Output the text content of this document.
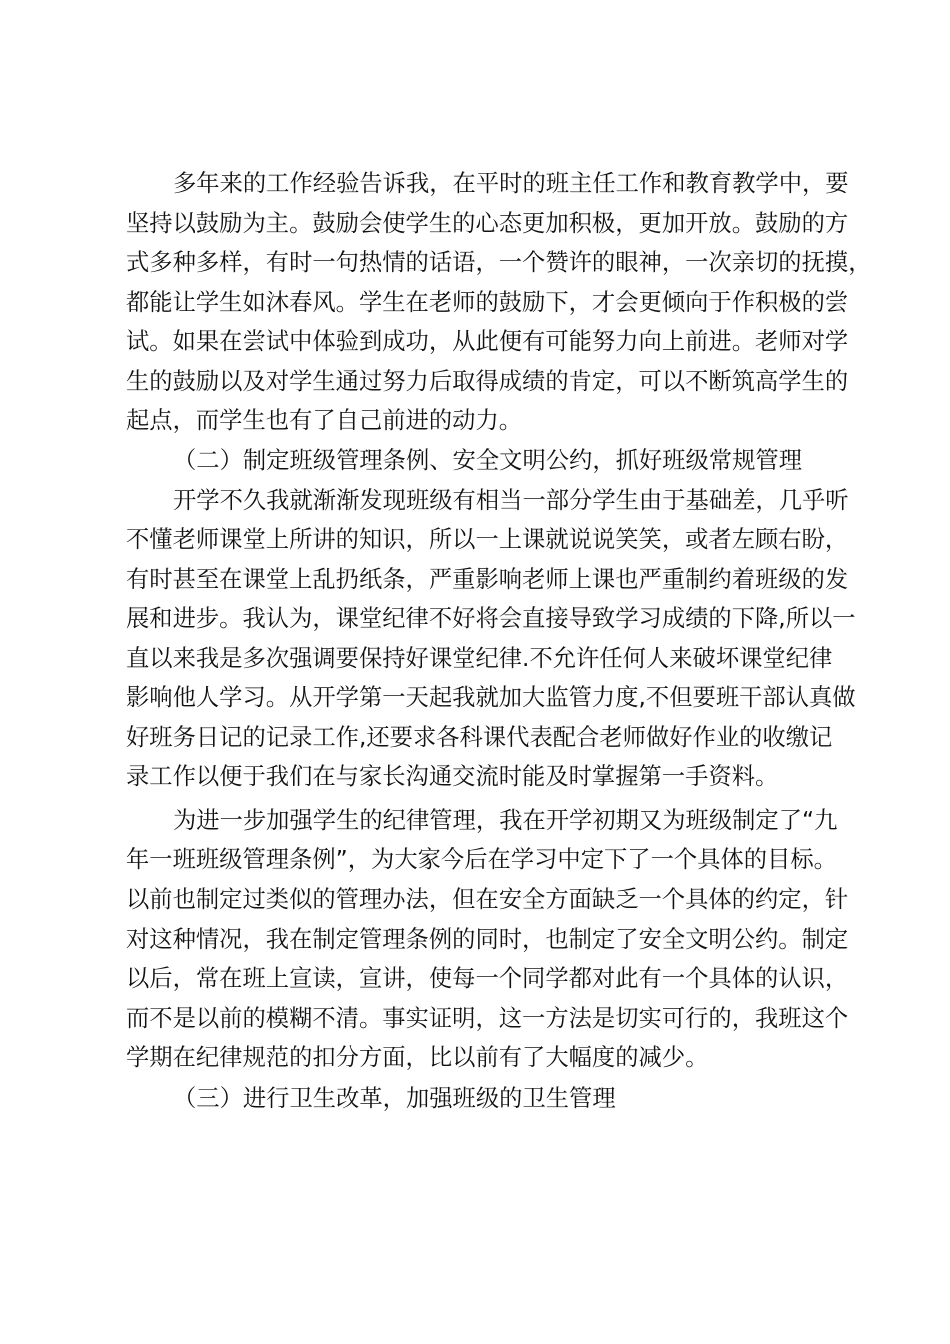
多年来的工作经验告诉我，在平时的班主任工作和教育教学中，要
坚持以鼓励为主。鼓励会使学生的心态更加积极，更加开放。鼓励的方
式多种多样，有时一句热情的话语，一个赞许的眼神，一次亲切的抚摸，
都能让学生如沐春风。学生在老师的鼓励下，才会更倾向于作积极的尝
试。如果在尝试中体验到成功，从此便有可能努力向上前进。老师对学
生的鼓励以及对学生通过努力后取得成绩的肯定，可以不断筑高学生的
起点，而学生也有了自己前进的动力。
（二）制定班级管理条例、安全文明公约，抓好班级常规管理
开学不久我就渐渐发现班级有相当一部分学生由于基础差，几乎听
不懂老师课堂上所讲的知识，所以一上课就说说笑笑，或者左顾右盼，
有时甚至在课堂上乱扔纸条，严重影响老师上课也严重制约着班级的发
展和进步。我认为，课堂纪律不好将会直接导致学习成绩的下降,所以一
直以来我是多次强调要保持好课堂纪律.不允许任何人来破坏课堂纪律
影响他人学习。从开学第一天起我就加大监管力度,不但要班干部认真做
好班务日记的记录工作,还要求各科课代表配合老师做好作业的收缴记
录工作以便于我们在与家长沟通交流时能及时掌握第一手资料。
为进一步加强学生的纪律管理，我在开学初期又为班级制定了“九
年一班班级管理条例”，为大家今后在学习中定下了一个具体的目标。
以前也制定过类似的管理办法，但在安全方面缺乏一个具体的约定，针
对这种情况，我在制定管理条例的同时，也制定了安全文明公约。制定
以后，常在班上宣读，宣讲，使每一个同学都对此有一个具体的认识，
而不是以前的模糊不清。事实证明，这一方法是切实可行的，我班这个
学期在纪律规范的扣分方面，比以前有了大幅度的减少。
（三）进行卫生改革，加强班级的卫生管理
